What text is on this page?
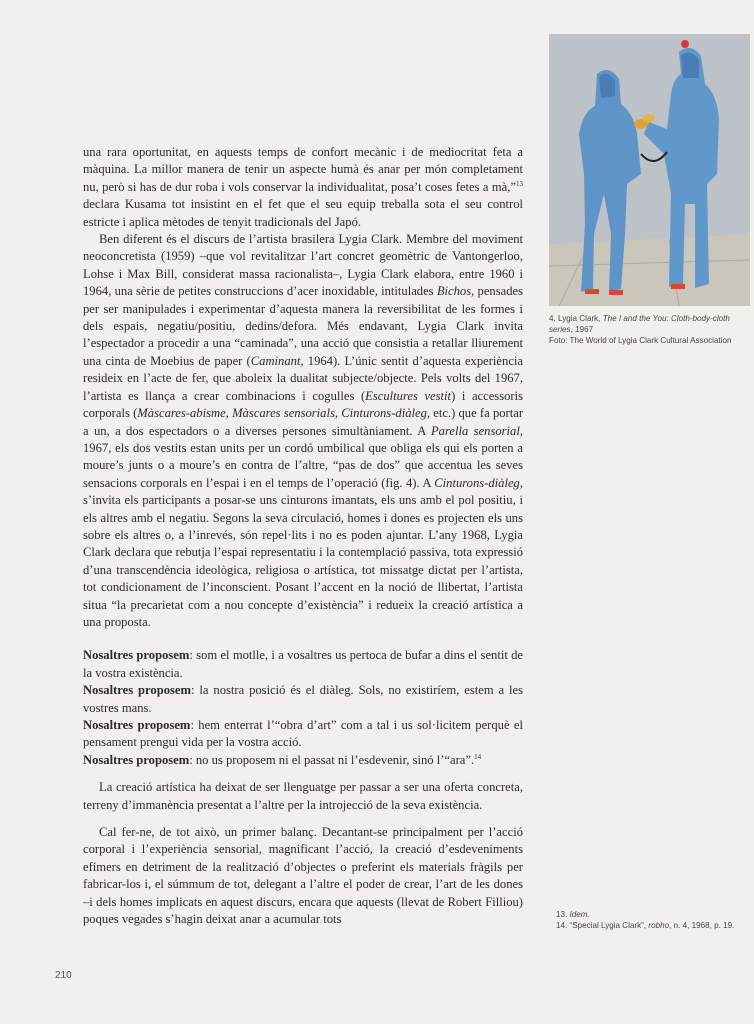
4. Lygia Clark, The I and the You: Cloth-body-cloth series, 1967
Foto: The World of Lygia Clark Cultural Association

una rara oportunitat, en aquests temps de confort mecànic i de mediocritat feta a màquina. La millor manera de tenir un aspecte humà és anar per món completament nu, però si has de dur roba i vols conservar la individualitat, posa’t coses fetes a mà,”$^{13}$ declara Kusama tot insistint en el fet que el seu equip treballa sota el seu control estricte i aplica mètodes de tenyit tradicionals del Japó.

Ben diferent és el discurs de l’artista brasilera Lygia Clark. Membre del moviment neoconcretista (1959) –que vol revitalitzar l’art concret geomètric de Vantongerloo, Lohse i Max Bill, considerat massa racionalista–, Lygia Clark elabora, entre 1960 i 1964, una sèrie de petites construccions d’acer inoxidable, intitulades Bichos, pensades per ser manipulades i experimentar d’aquesta manera la reversibilitat de les formes i dels espais, negatiu/positiu, dedins/defora. Més endavant, Lygia Clark invita l’espectador a procedir a una “caminada”, una acció que consistia a retallar lliurement una cinta de Moebius de paper (Caminant, 1964). L’únic sentit d’aquesta experiència resideix en l’acte de fer, que aboleix la dualitat subjecte/objecte. Pels volts del 1967, l’artista es llança a crear combinacions i cogulles (Escultures vestit) i accessoris corporals (Màscares-abisme, Màscares sensorials, Cinturons-diàleg, etc.) que fa portar a un, a dos espectadors o a diverses persones simultàniament. A Parella sensorial, 1967, els dos vestits estan units per un cordó umbilical que obliga els qui els porten a moure’s junts o a moure’s en contra de l’altre, “pas de dos” que accentua les seves sensacions corporals en l’espai i en el temps de l’operació (fig. 4). A Cinturons-diàleg, s’invita els participants a posar-se uns cinturons imantats, els uns amb el pol positiu, i els altres amb el negatiu. Segons la seva circulació, homes i dones es projecten els uns sobre els altres o, a l’inrevés, són repel·lits i no es poden ajuntar. L’any 1968, Lygia Clark declara que rebutja l’espai representatiu i la contemplació passiva, tota expressió d’una transcendència ideològica, religiosa o artística, tot missatge dictat per l’artista, tot condicionament de l’inconscient. Posant l’accent en la noció de llibertat, l’artista situa “la precarietat com a nou concepte d’existència” i redueix la creació artística a una proposta.

Nosaltres proposem: som el motlle, i a vosaltres us pertoca de bufar a dins el sentit de la vostra existència.

Nosaltres proposem: la nostra posició és el diàleg. Sols, no existiríem, estem a les vostres mans.

Nosaltres proposem: hem enterrat l’“obra d’art” com a tal i us sol·licitem perquè el pensament prengui vida per la vostra acció.

Nosaltres proposem: no us proposem ni el passat ni l’esdevenir, sinó l’“ara”.$^{14}$

La creació artística ha deixat de ser llenguatge per passar a ser una oferta concreta, terreny d’immanència presentat a l’altre per la introjecció de la seva existència.

Cal fer-ne, de tot això, un primer balanç. Decantant-se principalment per l’acció corporal i l’experiència sensorial, magnificant l’acció, la creació d’esdeveniments efímers en detriment de la realització d’objectes o preferint els materials fràgils per fabricar-los i, el súmmum de tot, delegant a l’altre el poder de crear, l’art de les dones –i dels homes implicats en aquest discurs, encara que aquests (llevat de Robert Filliou) poques vegades s’hagin deixat anar a acumular tots	13. Idem.
14. “Special Lygia Clark”, robho, n. 4, 1968, p. 19.
210
